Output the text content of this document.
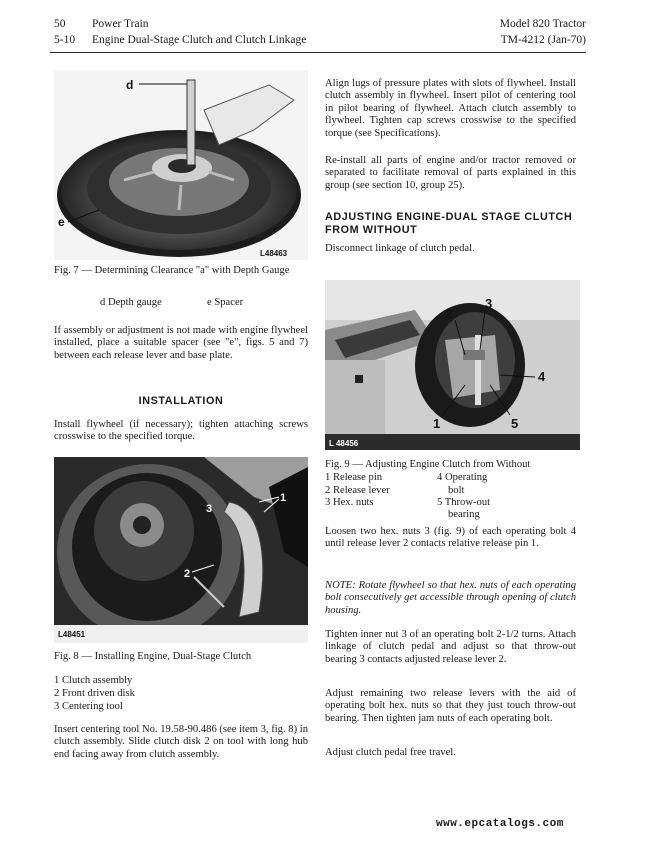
50
5-10
Power Train
Engine Dual-Stage Clutch and Clutch Linkage
Model 820 Tractor
TM-4212 (Jan-70)
d
e
L48463
Fig. 7 — Determining Clearance "a" with Depth Gauge
d Depth gauge	e Spacer

If assembly or adjustment is not made with engine flywheel installed, place a suitable spacer (see "e", figs. 5 and 7) between each release lever and base plate.

INSTALLATION

Install flywheel (if necessary); tighten attaching screws crosswise to the specified torque.

1
3
2
L48451
Fig. 8 — Installing Engine, Dual-Stage Clutch
1 Clutch assembly
2 Front driven disk
3 Centering tool

Insert centering tool No. 19.58-90.486 (see item 3, fig. 8) in clutch assembly. Slide clutch disk 2 on tool with long hub end facing away from clutch assembly.

Align lugs of pressure plates with slots of flywheel. Install clutch assembly in flywheel. Insert pilot of centering tool in pilot bearing of flywheel. Attach clutch assembly to flywheel. Tighten cap screws crosswise to the specified torque (see Specifications).

Re-install all parts of engine and/or tractor removed or separated to facilitate removal of parts explained in this group (see section 10, group 25).

ADJUSTING ENGINE-DUAL STAGE CLUTCH FROM WITHOUT

Disconnect linkage of clutch pedal.

2
3
4
1	5
L 48456
Fig. 9 — Adjusting Engine Clutch from Without
1 Release pin
2 Release lever
3 Hex. nuts
4 Operating
bolt
5 Throw-out
bearing

Loosen two hex. nuts 3 (fig. 9) of each operating bolt 4 until release lever 2 contacts relative release pin 1.

NOTE: Rotate flywheel so that hex. nuts of each operating bolt consecutively get accessible through opening of clutch housing.

Tighten inner nut 3 of an operating bolt 2-1/2 turns. Attach linkage of clutch pedal and adjust so that throw-out bearing 3 contacts adjusted release lever 2.

Adjust remaining two release levers with the aid of operating bolt hex. nuts so that they just touch throw-out bearing. Then tighten jam nuts of each operating bolt.

Adjust clutch pedal free travel.

www.epcatalogs.com
